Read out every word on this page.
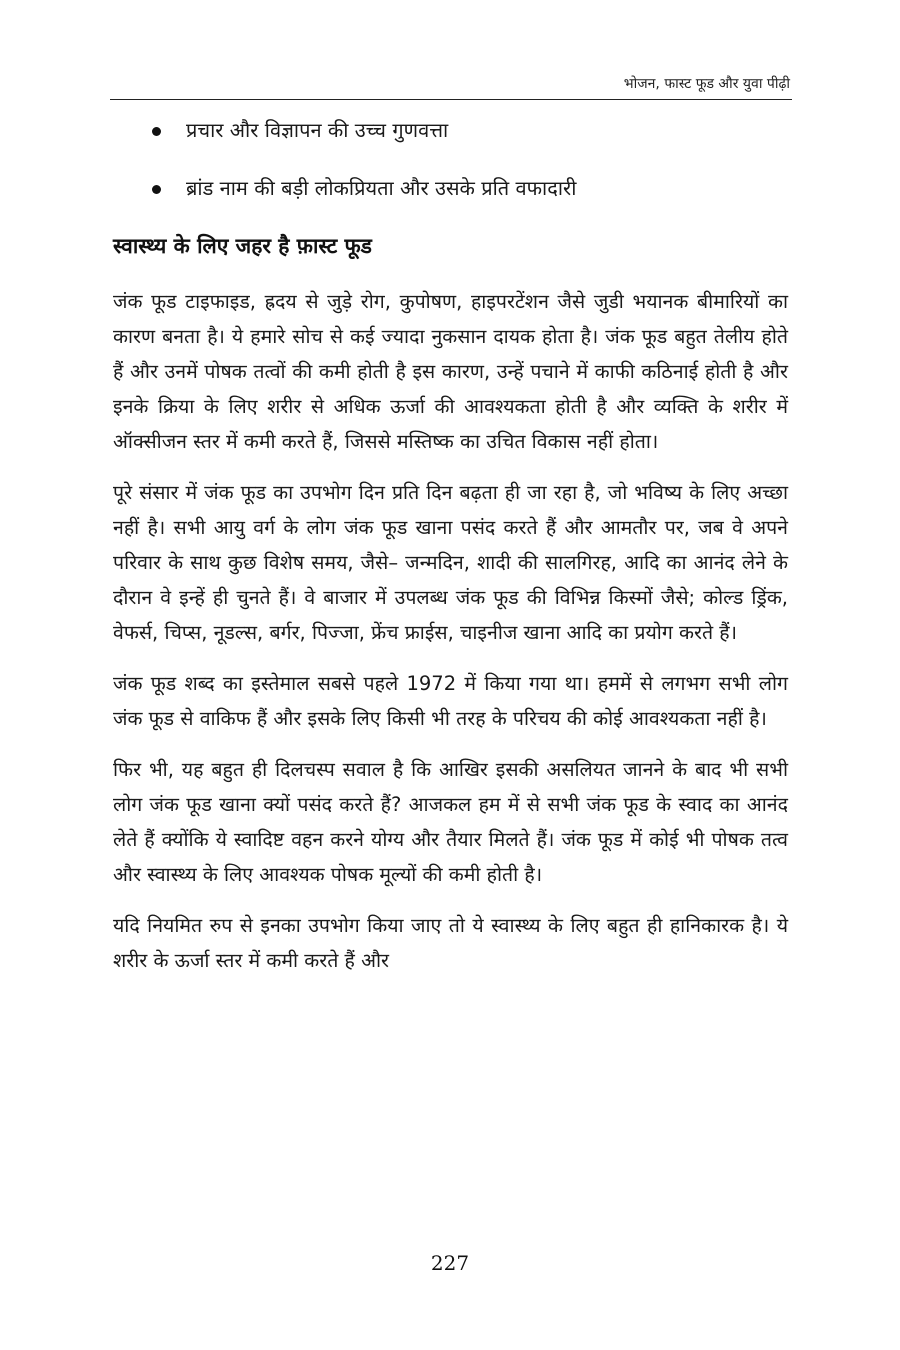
भोजन, फास्ट फूड और युवा पीढ़ी
प्रचार और विज्ञापन की उच्च गुणवत्ता
ब्रांड नाम की बड़ी लोकप्रियता और उसके प्रति वफादारी
स्वास्थ्य के लिए जहर है फ़ास्ट फूड

जंक फूड टाइफाइड, ह्रदय से जुड़े रोग, कुपोषण, हाइपरटेंशन जैसे जुडी भयानक बीमारियों का कारण बनता है। ये हमारे सोच से कई ज्यादा नुकसान दायक होता है। जंक फूड बहुत तेलीय होते हैं और उनमें पोषक तत्वों की कमी होती है इस कारण, उन्हें पचाने में काफी कठिनाई होती है और इनके क्रिया के लिए शरीर से अधिक ऊर्जा की आवश्यकता होती है और व्यक्ति के शरीर में ऑक्सीजन स्तर में कमी करते हैं, जिससे मस्तिष्क का उचित विकास नहीं होता।

पूरे संसार में जंक फूड का उपभोग दिन प्रति दिन बढ़ता ही जा रहा है, जो भविष्य के लिए अच्छा नहीं है। सभी आयु वर्ग के लोग जंक फूड खाना पसंद करते हैं और आमतौर पर, जब वे अपने परिवार के साथ कुछ विशेष समय, जैसे– जन्मदिन, शादी की सालगिरह, आदि का आनंद लेने के दौरान वे इन्हें ही चुनते हैं। वे बाजार में उपलब्ध जंक फूड की विभिन्न किस्मों जैसे; कोल्ड ड्रिंक, वेफर्स, चिप्स, नूडल्स, बर्गर, पिज्जा, फ्रेंच फ्राईस, चाइनीज खाना आदि का प्रयोग करते हैं।

जंक फूड शब्द का इस्तेमाल सबसे पहले 1972 में किया गया था। हममें से लगभग सभी लोग जंक फूड से वाकिफ हैं और इसके लिए किसी भी तरह के परिचय की कोई आवश्यकता नहीं है।

फिर भी, यह बहुत ही दिलचस्प सवाल है कि आखिर इसकी असलियत जानने के बाद भी सभी लोग जंक फूड खाना क्यों पसंद करते हैं? आजकल हम में से सभी जंक फूड के स्वाद का आनंद लेते हैं क्योंकि ये स्वादिष्ट वहन करने योग्य और तैयार मिलते हैं। जंक फूड में कोई भी पोषक तत्व और स्वास्थ्य के लिए आवश्यक पोषक मूल्यों की कमी होती है।

यदि नियमित रुप से इनका उपभोग किया जाए तो ये स्वास्थ्य के लिए बहुत ही हानिकारक है। ये शरीर के ऊर्जा स्तर में कमी करते हैं और

227
